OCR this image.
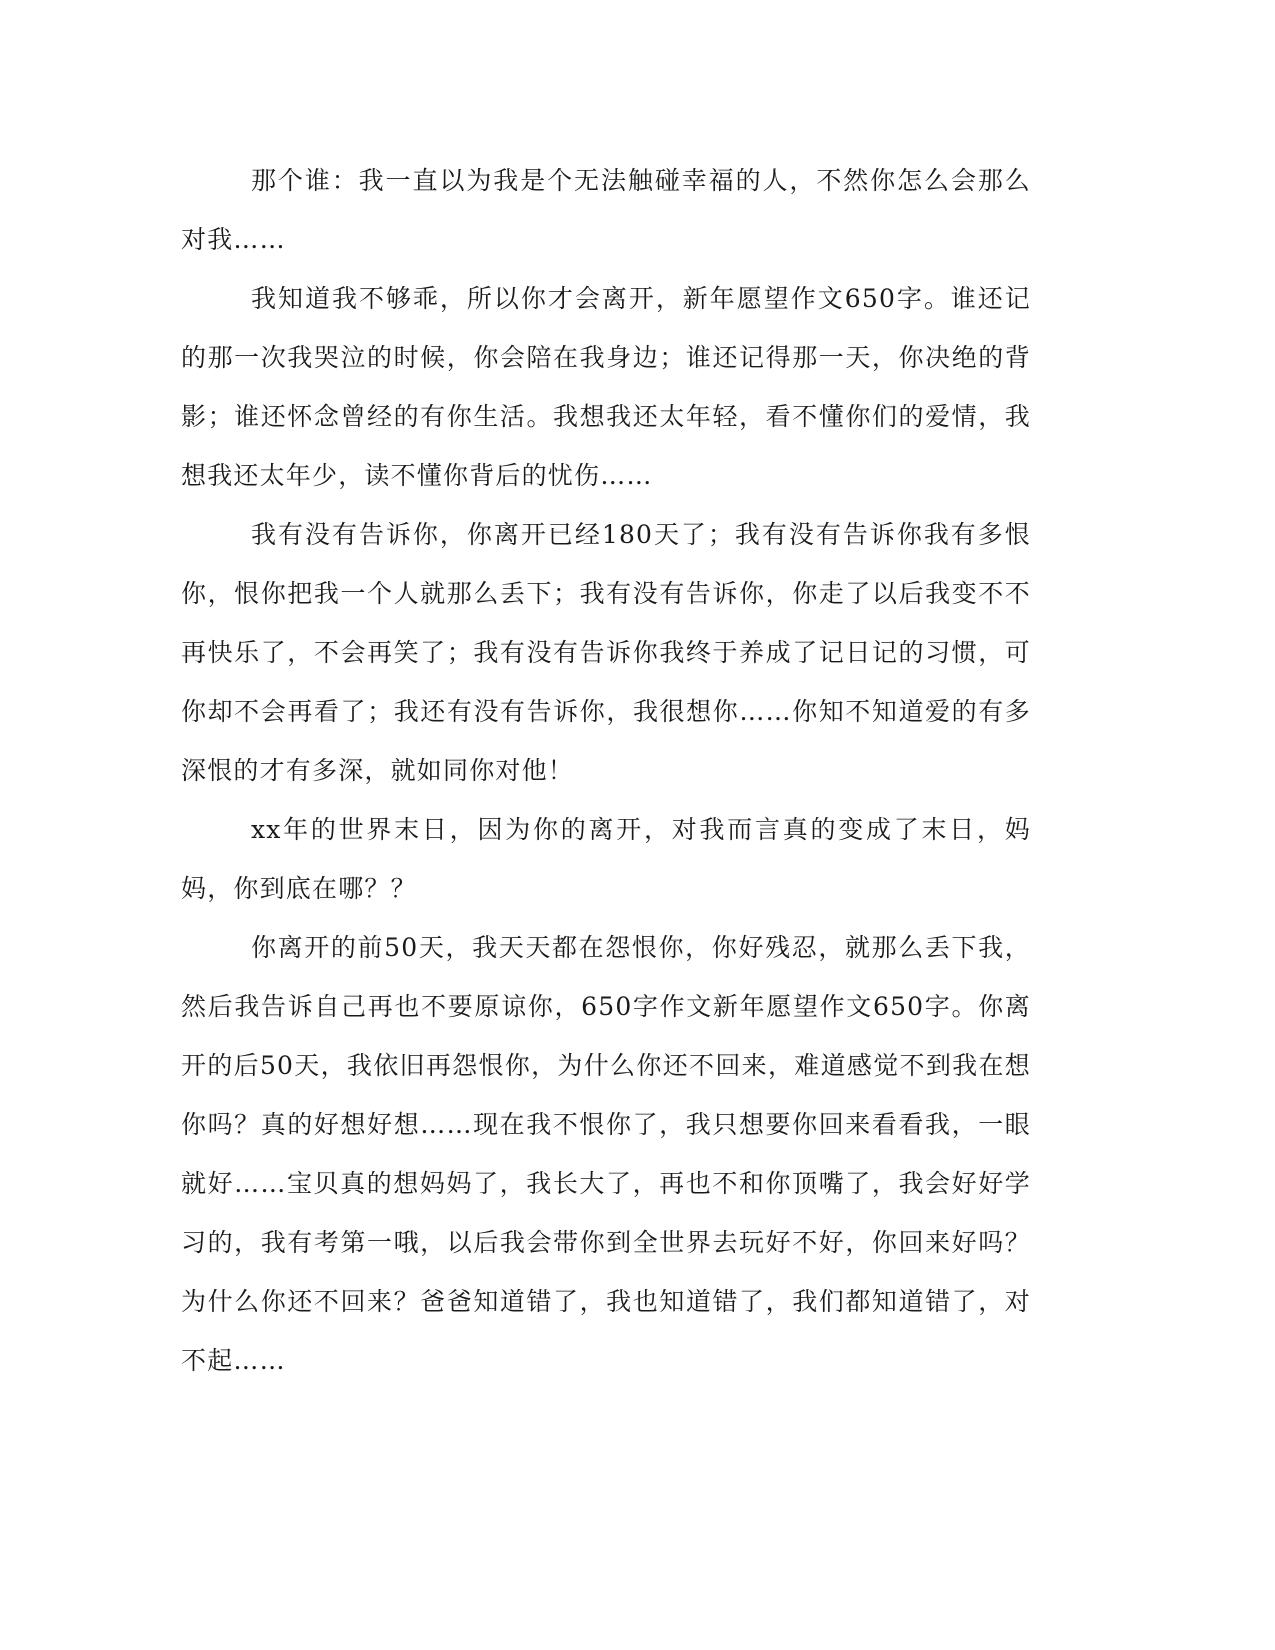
那个谁：我一直以为我是个无法触碰幸福的人，不然你怎么会那么对我……

我知道我不够乖，所以你才会离开，新年愿望作文650字。谁还记的那一次我哭泣的时候，你会陪在我身边；谁还记得那一天，你决绝的背影；谁还怀念曾经的有你生活。我想我还太年轻，看不懂你们的爱情，我想我还太年少，读不懂你背后的忧伤……

我有没有告诉你，你离开已经180天了；我有没有告诉你我有多恨你，恨你把我一个人就那么丢下；我有没有告诉你，你走了以后我变不不再快乐了，不会再笑了；我有没有告诉你我终于养成了记日记的习惯，可你却不会再看了；我还有没有告诉你，我很想你……你知不知道爱的有多深恨的才有多深，就如同你对他！

xx年的世界末日，因为你的离开，对我而言真的变成了末日，妈妈，你到底在哪？？

你离开的前50天，我天天都在怨恨你，你好残忍，就那么丢下我，然后我告诉自己再也不要原谅你，650字作文新年愿望作文650字。你离开的后50天，我依旧再怨恨你，为什么你还不回来，难道感觉不到我在想你吗？真的好想好想……现在我不恨你了，我只想要你回来看看我，一眼就好……宝贝真的想妈妈了，我长大了，再也不和你顶嘴了，我会好好学习的，我有考第一哦，以后我会带你到全世界去玩好不好，你回来好吗？为什么你还不回来？爸爸知道错了，我也知道错了，我们都知道错了，对不起……
